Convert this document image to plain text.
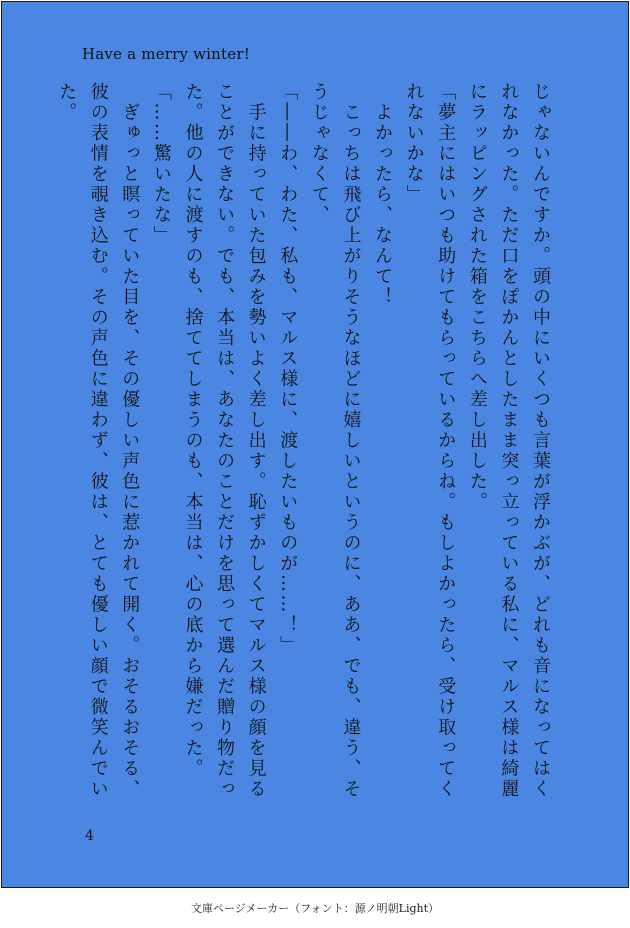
Have a merry winter!

じゃないんですか。頭の中にいくつも言葉が浮かぶが、どれも音になってはくれなかった。ただ口をぽかんとしたまま突っ立っている私に、マルス様は綺麗にラッピングされた箱をこちらへ差し出した。

「夢主にはいつも助けてもらっているからね。もしよかったら、受け取ってくれないかな」

　よかったら、なんて！

　こっちは飛び上がりそうなほどに嬉しいというのに、ああ、でも、違う、そうじゃなくて、

「――わ、わた、私も、マルス様に、渡したいものが……！」

　手に持っていた包みを勢いよく差し出す。恥ずかしくてマルス様の顔を見ることができない。でも、本当は、あなたのことだけを思って選んだ贈り物だった。他の人に渡すのも、捨ててしまうのも、本当は、心の底から嫌だった。

「……驚いたな」

　ぎゅっと瞑っていた目を、その優しい声色に惹かれて開く。おそるおそる、彼の表情を覗き込む。その声色に違わず、彼は、とても優しい顔で微笑んでいた。

4
文庫ページメーカー（フォント：源ノ明朝Light）
